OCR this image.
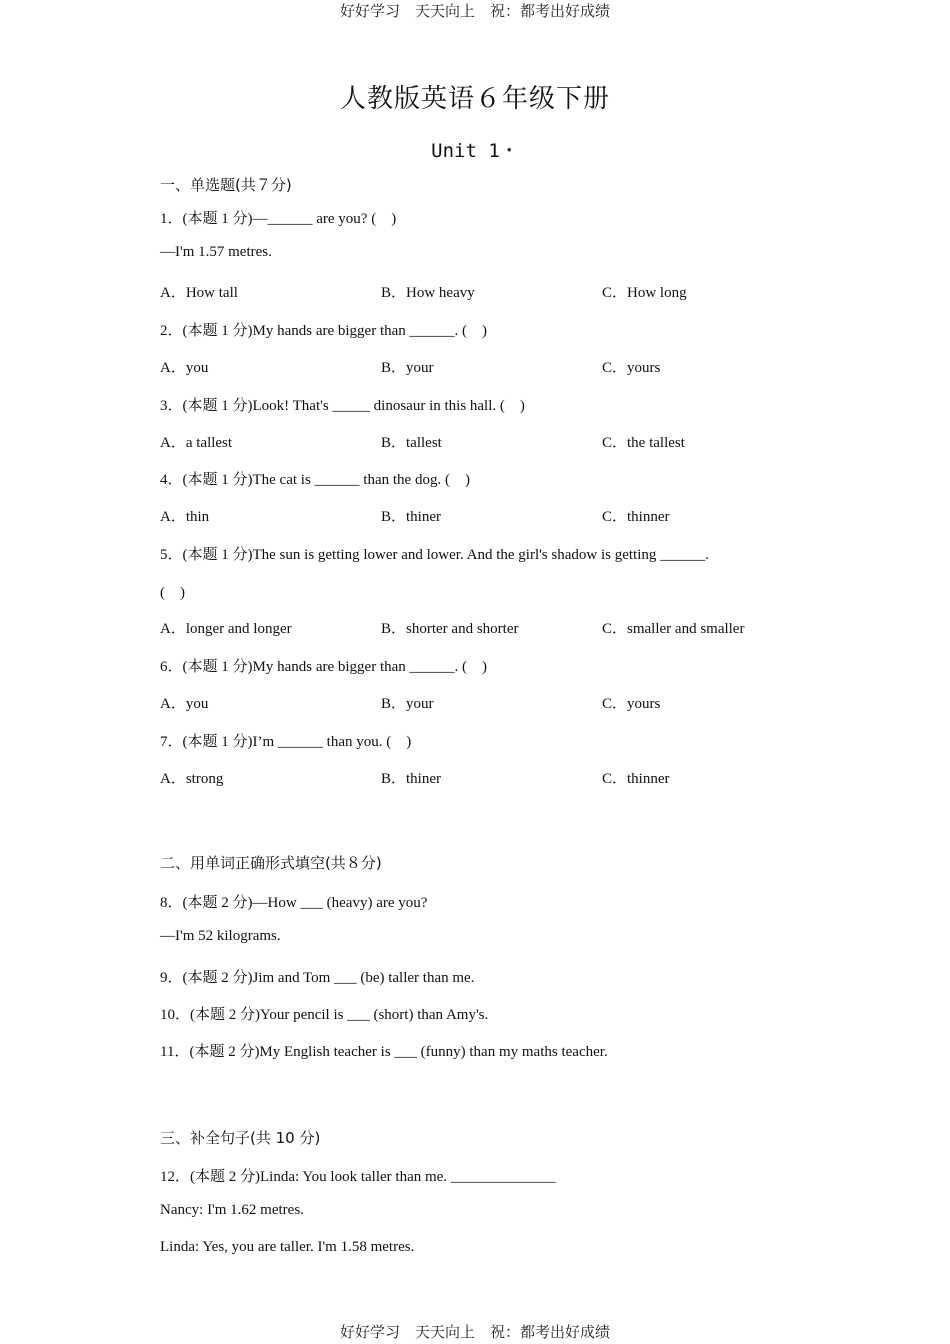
好好学习　天天向上　祝：都考出好成绩
人教版英语６年级下册
Unit 1・
一、单选题(共７分)
1．(本题 1 分)—______ are you? (　)
—I'm 1.57 metres.
A．How tall	B．How heavy	C．How long
2．(本题 1 分)My hands are bigger than ______. (　)
A．you	B．your	C．yours
3．(本题 1 分)Look! That's _____ dinosaur in this hall. (　)
A．a tallest	B．tallest	C．the tallest
4．(本题 1 分)The cat is ______ than the dog. (　)
A．thin	B．thiner	C．thinner
5．(本题 1 分)The sun is getting lower and lower. And the girl's shadow is getting ______.
(　)
A．longer and longer	B．shorter and shorter	C．smaller and smaller
6．(本题 1 分)My hands are bigger than ______. (　)
A．you	B．your	C．yours
7．(本题 1 分)I’m ______ than you. (　)
A．strong	B．thiner	C．thinner
二、用单词正确形式填空(共８分)
8．(本题 2 分)—How ___ (heavy) are you?
—I'm 52 kilograms.
9．(本题 2 分)Jim and Tom ___ (be) taller than me.
10．(本题 2 分)Your pencil is ___ (short) than Amy's.
11．(本题 2 分)My English teacher is ___ (funny) than my maths teacher.
三、补全句子(共 10 分)
12．(本题 2 分)Linda: You look taller than me. ______________
Nancy: I'm 1.62 metres.
Linda: Yes, you are taller. I'm 1.58 metres.
好好学习　天天向上　祝：都考出好成绩
